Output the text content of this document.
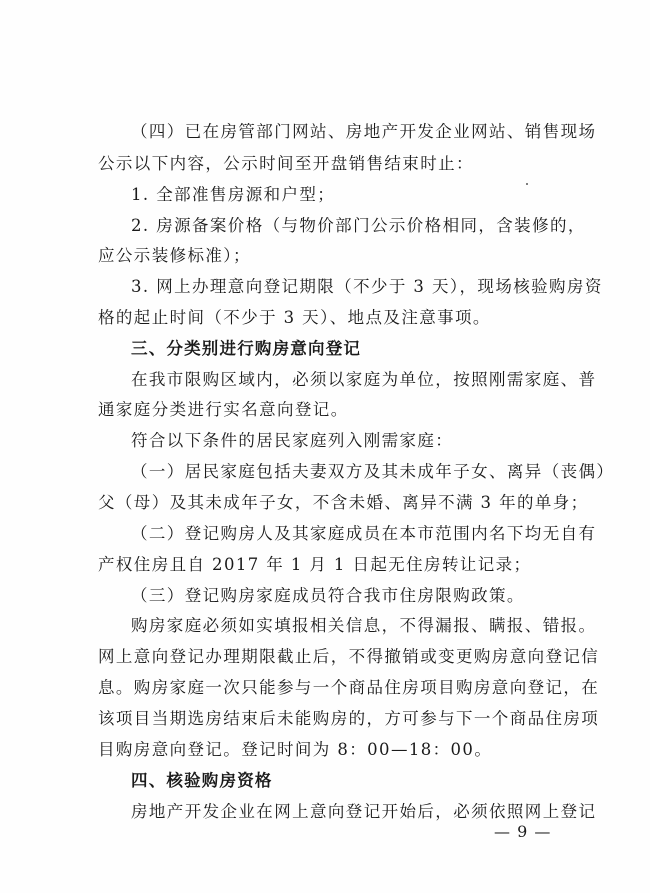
（四）已在房管部门网站、房地产开发企业网站、销售现场
公示以下内容，公示时间至开盘销售结束时止：
1. 全部准售房源和户型；
2. 房源备案价格（与物价部门公示价格相同，含装修的，
应公示装修标准）；
3. 网上办理意向登记期限（不少于 3 天），现场核验购房资
格的起止时间（不少于 3 天）、地点及注意事项。
三、分类别进行购房意向登记
在我市限购区域内，必须以家庭为单位，按照刚需家庭、普
通家庭分类进行实名意向登记。
符合以下条件的居民家庭列入刚需家庭：
（一）居民家庭包括夫妻双方及其未成年子女、离异（丧偶）
父（母）及其未成年子女，不含未婚、离异不满 3 年的单身；
（二）登记购房人及其家庭成员在本市范围内名下均无自有
产权住房且自 2017 年 1 月 1 日起无住房转让记录；
（三）登记购房家庭成员符合我市住房限购政策。
购房家庭必须如实填报相关信息，不得漏报、瞒报、错报。
网上意向登记办理期限截止后，不得撤销或变更购房意向登记信
息。购房家庭一次只能参与一个商品住房项目购房意向登记，在
该项目当期选房结束后未能购房的，方可参与下一个商品住房项
目购房意向登记。登记时间为 8：00—18：00。
四、核验购房资格
房地产开发企业在网上意向登记开始后，必须依照网上登记
— 9 —
